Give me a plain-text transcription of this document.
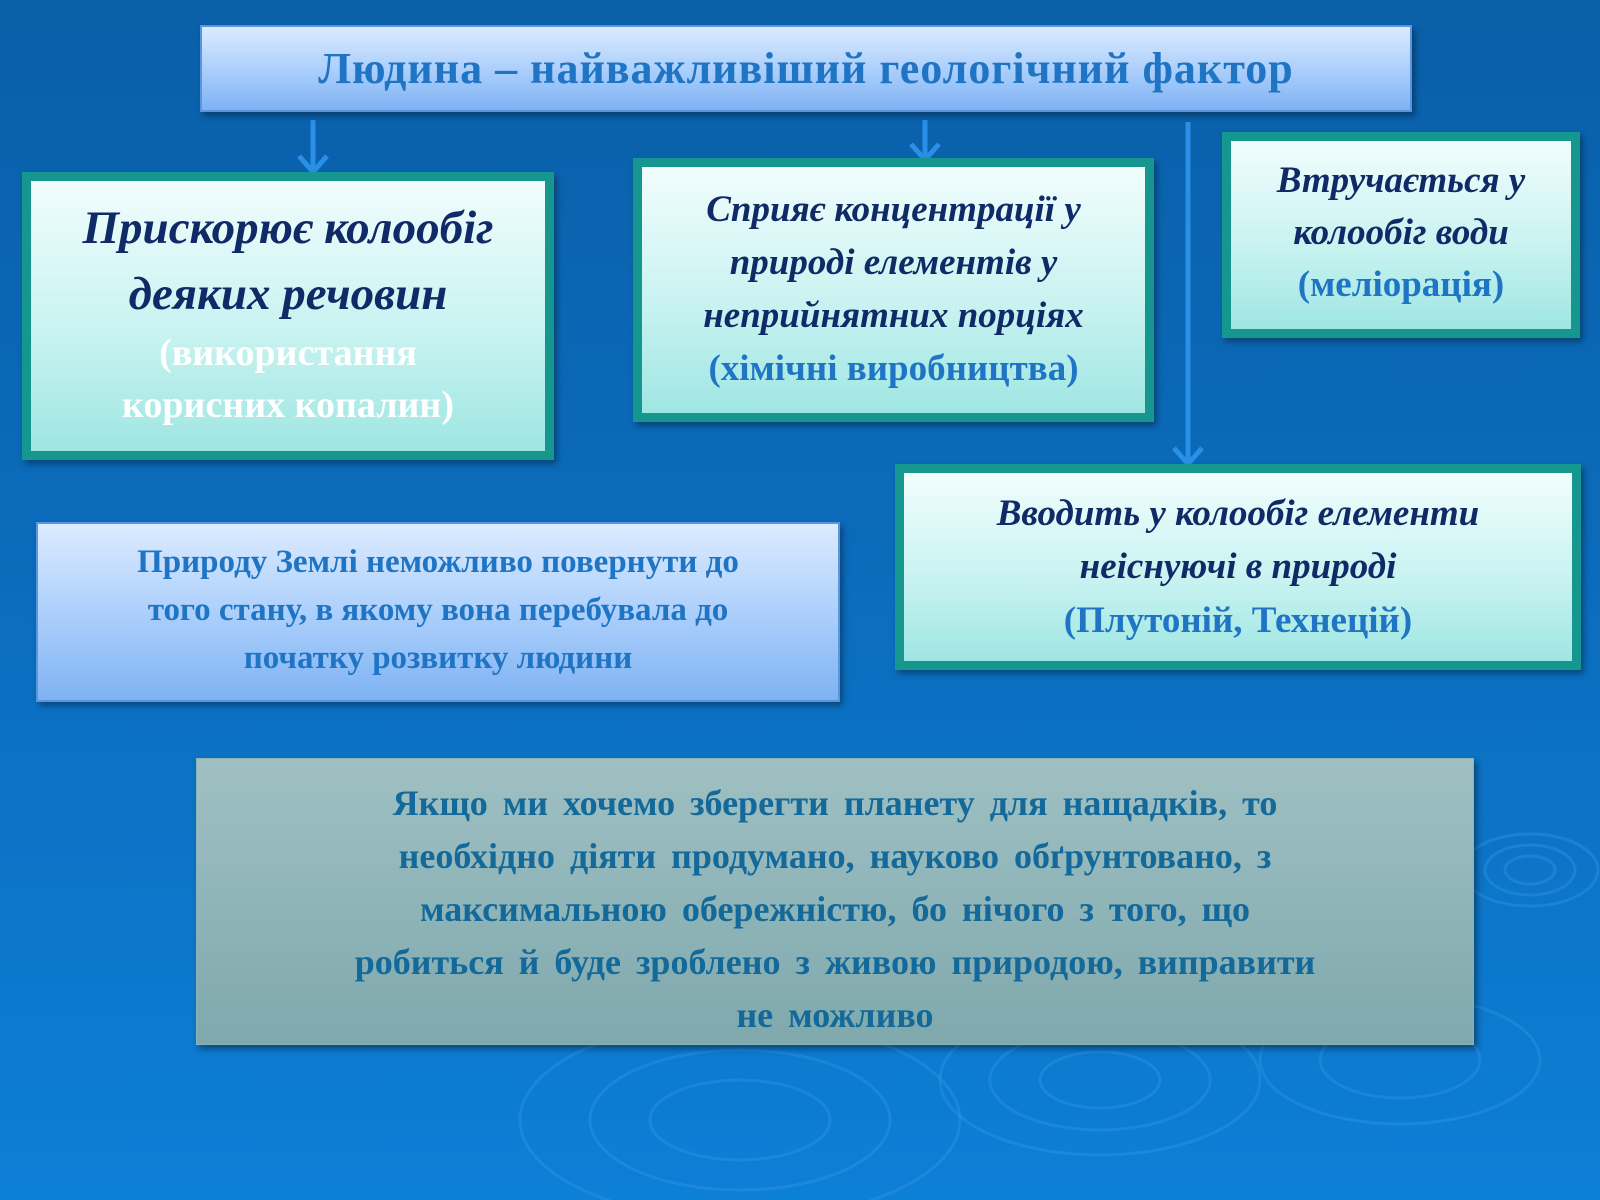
Людина – найважливіший геологічний фактор
Прискорює колообіг
деяких речовин
(використання
корисних копалин)
Сприяє концентрації у
природі елементів у
неприйнятних порціях
(хімічні виробництва)
Втручається у
колообіг води
(меліорація)
Вводить у колообіг елементи
неіснуючі в природі
(Плутоній, Технецій)
Природу Землі неможливо повернути до
того стану, в якому вона перебувала до
початку розвитку людини
Якщо ми хочемо зберегти планету для нащадків, то
необхідно діяти продумано, науково обґрунтовано, з
максимальною обережністю, бо нічого з того, що
робиться й буде зроблено з живою природою, виправити
не можливо
